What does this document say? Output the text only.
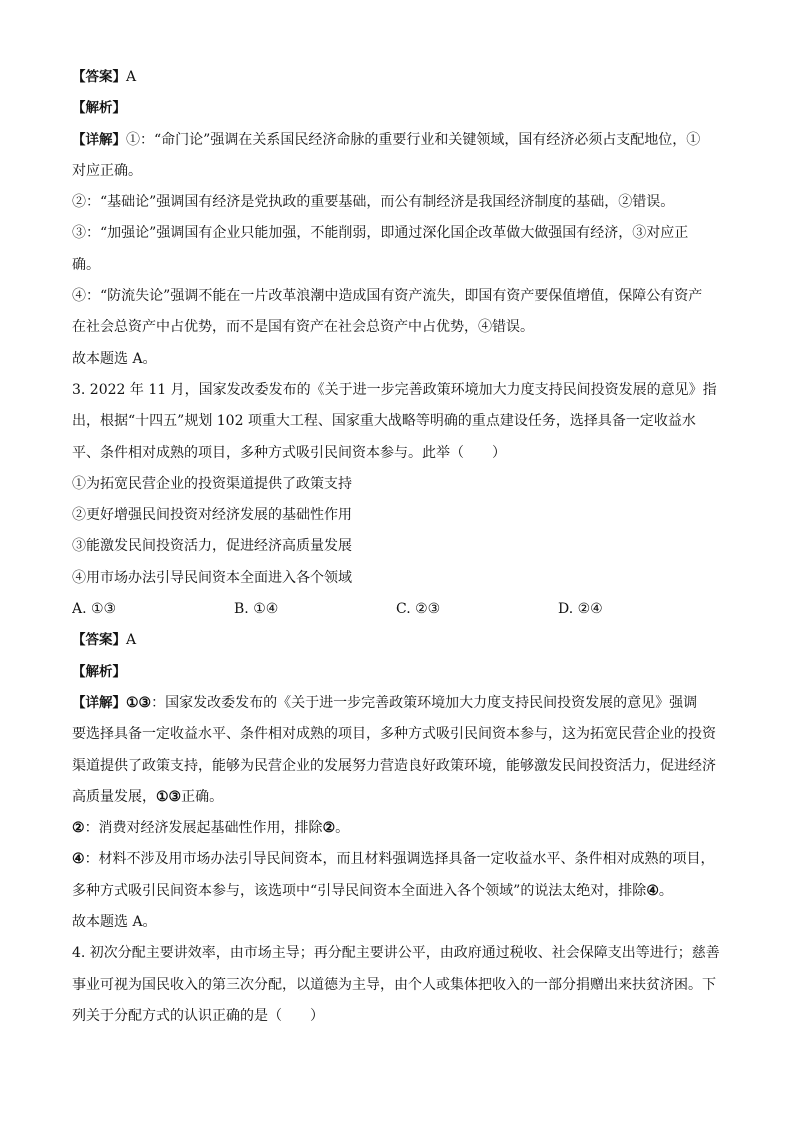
【答案】A
【解析】
【详解】①：“命门论”强调在关系国民经济命脉的重要行业和关键领域，国有经济必须占支配地位，①
对应正确。
②：“基础论”强调国有经济是党执政的重要基础，而公有制经济是我国经济制度的基础，②错误。
③：“加强论”强调国有企业只能加强，不能削弱，即通过深化国企改革做大做强国有经济，③对应正
确。
④：“防流失论”强调不能在一片改革浪潮中造成国有资产流失，即国有资产要保值增值，保障公有资产
在社会总资产中占优势，而不是国有资产在社会总资产中占优势，④错误。
故本题选 A。
3. 2022 年 11 月，国家发改委发布的《关于进一步完善政策环境加大力度支持民间投资发展的意见》指
出，根据“十四五”规划 102 项重大工程、国家重大战略等明确的重点建设任务，选择具备一定收益水
平、条件相对成熟的项目，多种方式吸引民间资本参与。此举（　　）
①为拓宽民营企业的投资渠道提供了政策支持
②更好增强民间投资对经济发展的基础性作用
③能激发民间投资活力，促进经济高质量发展
④用市场办法引导民间资本全面进入各个领域
A. ①③	B. ①④	C. ②③	D. ②④
【答案】A
【解析】
【详解】①③：国家发改委发布的《关于进一步完善政策环境加大力度支持民间投资发展的意见》强调
要选择具备一定收益水平、条件相对成熟的项目，多种方式吸引民间资本参与，这为拓宽民营企业的投资
渠道提供了政策支持，能够为民营企业的发展努力营造良好政策环境，能够激发民间投资活力，促进经济
高质量发展，①③正确。
②：消费对经济发展起基础性作用，排除②。
④：材料不涉及用市场办法引导民间资本，而且材料强调选择具备一定收益水平、条件相对成熟的项目，
多种方式吸引民间资本参与，该选项中“引导民间资本全面进入各个领域”的说法太绝对，排除④。
故本题选 A。
4. 初次分配主要讲效率，由市场主导；再分配主要讲公平，由政府通过税收、社会保障支出等进行；慈善
事业可视为国民收入的第三次分配，以道德为主导，由个人或集体把收入的一部分捐赠出来扶贫济困。下
列关于分配方式的认识正确的是（　　）
